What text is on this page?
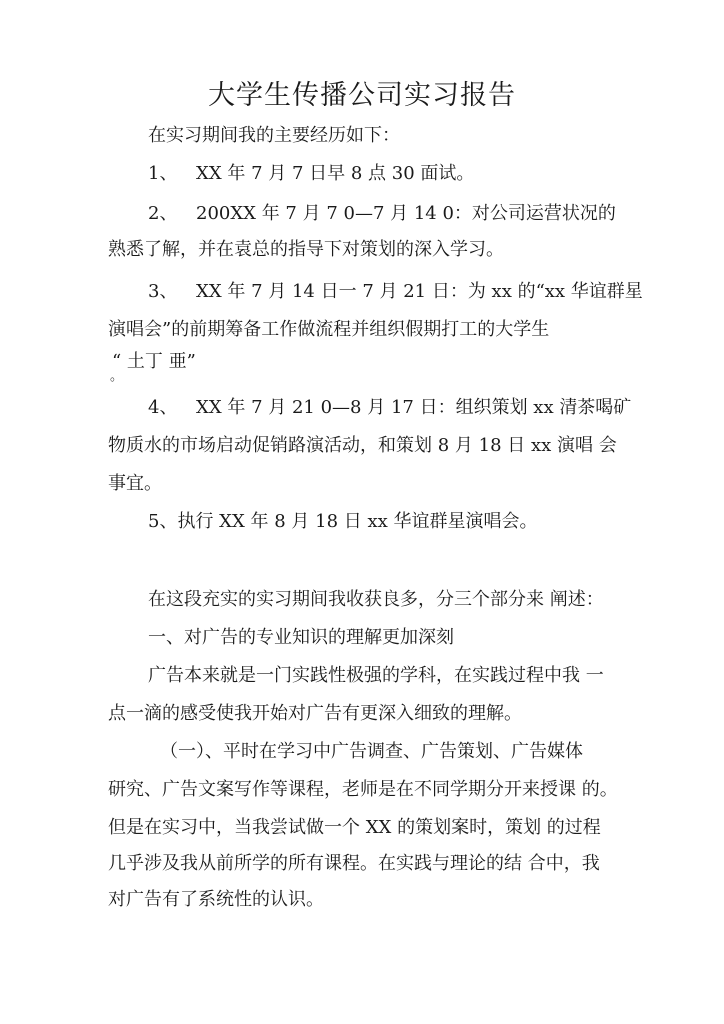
大学生传播公司实习报告
在实习期间我的主要经历如下：
1、 XX 年 7 月 7 日早 8 点 30 面试。
2、 200XX 年 7 月 7 0—7 月 14 0：对公司运营状况的
熟悉了解，并在袁总的指导下对策划的深入学习。
3、 XX 年 7 月 14 日一 7 月 21 日：为 xx 的“xx 华谊群星
演唱会”的前期筹备工作做流程并组织假期打工的大学生
“ 土丁 亜”
。
4、 XX 年 7 月 21 0—8 月 17 日：组织策划 xx 清茶喝矿
物质水的市场启动促销路演活动，和策划 8 月 18 日 xx 演唱 会
事宜。
5、执行 XX 年 8 月 18 日 xx 华谊群星演唱会。
在这段充实的实习期间我收获良多，分三个部分来 阐述：
一、对广告的专业知识的理解更加深刻
广告本来就是一门实践性极强的学科，在实践过程中我 一
点一滴的感受使我开始对广告有更深入细致的理解。
（一）、平时在学习中广告调查、广告策划、广告媒体
研究、广告文案写作等课程，老师是在不同学期分开来授课 的。
但是在实习中，当我尝试做一个 XX 的策划案时，策划 的过程
几乎涉及我从前所学的所有课程。在实践与理论的结 合中，我
对广告有了系统性的认识。
